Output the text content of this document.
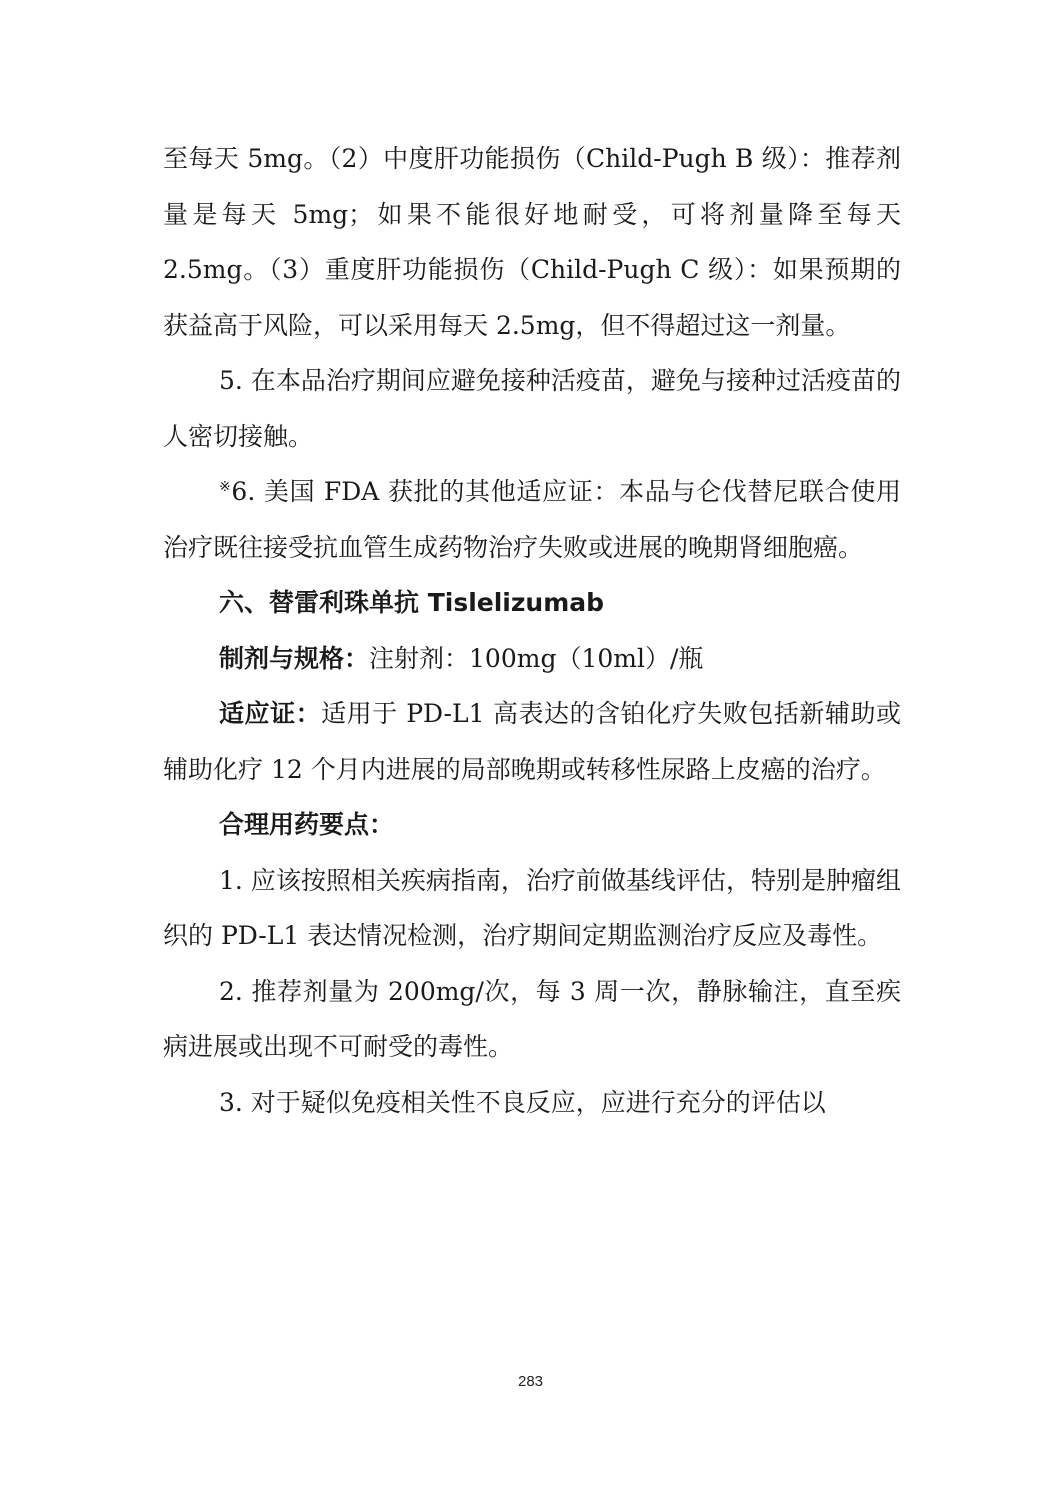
至每天 5mg。（2）中度肝功能损伤（Child-Pugh B 级）：推荐剂量是每天 5mg；如果不能很好地耐受，可将剂量降至每天 2.5mg。（3）重度肝功能损伤（Child-Pugh C 级）：如果预期的获益高于风险，可以采用每天 2.5mg，但不得超过这一剂量。

5. 在本品治疗期间应避免接种活疫苗，避免与接种过活疫苗的人密切接触。

※6. 美国 FDA 获批的其他适应证：本品与仑伐替尼联合使用治疗既往接受抗血管生成药物治疗失败或进展的晚期肾细胞癌。

六、替雷利珠单抗 Tislelizumab

制剂与规格：注射剂：100mg（10ml）/瓶

适应证：适用于 PD-L1 高表达的含铂化疗失败包括新辅助或辅助化疗 12 个月内进展的局部晚期或转移性尿路上皮癌的治疗。

合理用药要点：

1. 应该按照相关疾病指南，治疗前做基线评估，特别是肿瘤组织的 PD-L1 表达情况检测，治疗期间定期监测治疗反应及毒性。

2. 推荐剂量为 200mg/次，每 3 周一次，静脉输注，直至疾病进展或出现不可耐受的毒性。

3. 对于疑似免疫相关性不良反应，应进行充分的评估以

283
